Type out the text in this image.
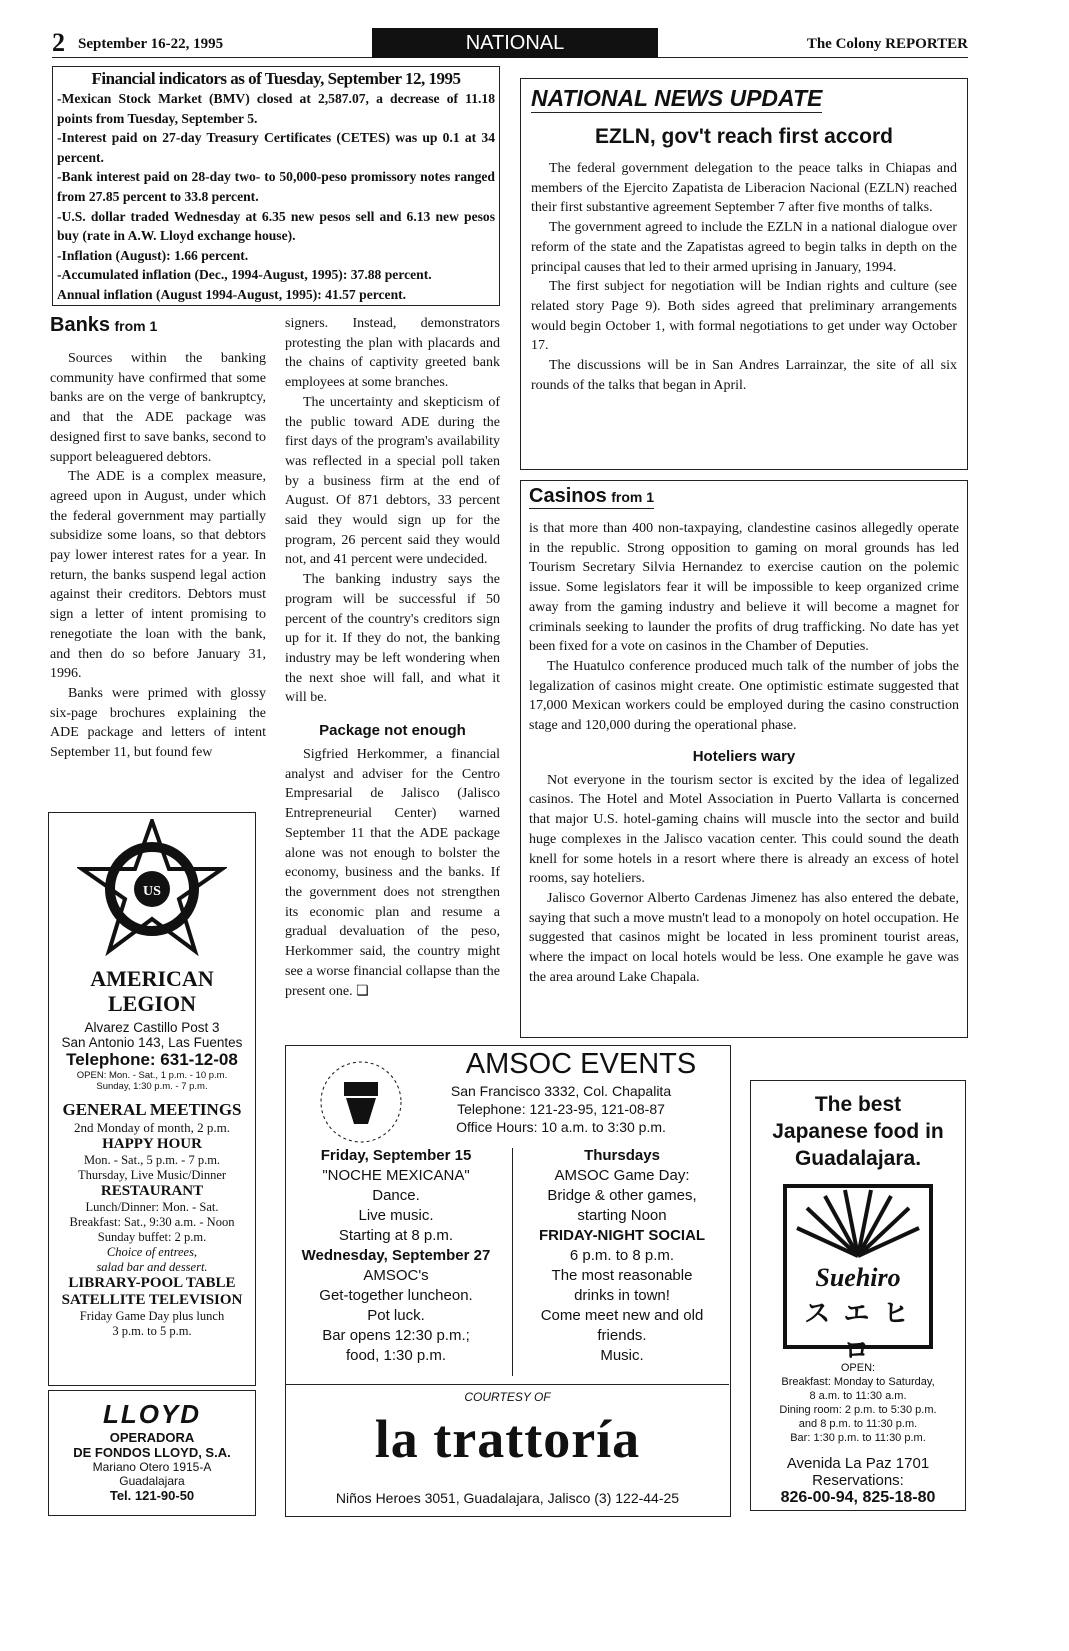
2 September 16-22, 1995	NATIONAL	The Colony REPORTER
Financial indicators as of Tuesday, September 12, 1995
-Mexican Stock Market (BMV) closed at 2,587.07, a decrease of 11.18 points from Tuesday, September 5.
-Interest paid on 27-day Treasury Certificates (CETES) was up 0.1 at 34 percent.
-Bank interest paid on 28-day two- to 50,000-peso promissory notes ranged from 27.85 percent to 33.8 percent.
-U.S. dollar traded Wednesday at 6.35 new pesos sell and 6.13 new pesos buy (rate in A.W. Lloyd exchange house).
-Inflation (August): 1.66 percent.
-Accumulated inflation (Dec., 1994-August, 1995): 37.88 percent.
Annual inflation (August 1994-August, 1995): 41.57 percent.
NATIONAL NEWS UPDATE
EZLN, gov't reach first accord

The federal government delegation to the peace talks in Chiapas and members of the Ejercito Zapatista de Liberacion Nacional (EZLN) reached their first substantive agreement September 7 after five months of talks.

The government agreed to include the EZLN in a national dialogue over reform of the state and the Zapatistas agreed to begin talks in depth on the principal causes that led to their armed uprising in January, 1994.

The first subject for negotiation will be Indian rights and culture (see related story Page 9). Both sides agreed that preliminary arrangements would begin October 1, with formal negotiations to get under way October 17.

The discussions will be in San Andres Larrainzar, the site of all six rounds of the talks that began in April.

Banks from 1

Sources within the banking community have confirmed that some banks are on the verge of bankruptcy, and that the ADE package was designed first to save banks, second to support beleaguered debtors.

The ADE is a complex measure, agreed upon in August, under which the federal government may partially subsidize some loans, so that debtors pay lower interest rates for a year. In return, the banks suspend legal action against their creditors. Debtors must sign a letter of intent promising to renegotiate the loan with the bank, and then do so before January 31, 1996.

Banks were primed with glossy six-page brochures explaining the ADE package and letters of intent September 11, but found few

signers. Instead, demonstrators protesting the plan with placards and the chains of captivity greeted bank employees at some branches.

The uncertainty and skepticism of the public toward ADE during the first days of the program's availability was reflected in a special poll taken by a business firm at the end of August. Of 871 debtors, 33 percent said they would sign up for the program, 26 percent said they would not, and 41 percent were undecided.

The banking industry says the program will be successful if 50 percent of the country's creditors sign up for it. If they do not, the banking industry may be left wondering when the next shoe will fall, and what it will be.

Package not enough

Sigfried Herkommer, a financial analyst and adviser for the Centro Empresarial de Jalisco (Jalisco Entrepreneurial Center) warned September 11 that the ADE package alone was not enough to bolster the economy, business and the banks. If the government does not strengthen its economic plan and resume a gradual devaluation of the peso, Herkommer said, the country might see a worse financial collapse than the present one. ❏

Casinos from 1

is that more than 400 non-taxpaying, clandestine casinos allegedly operate in the republic. Strong opposition to gaming on moral grounds has led Tourism Secretary Silvia Hernandez to exercise caution on the polemic issue. Some legislators fear it will be impossible to keep organized crime away from the gaming industry and believe it will become a magnet for criminals seeking to launder the profits of drug trafficking. No date has yet been fixed for a vote on casinos in the Chamber of Deputies.

The Huatulco conference produced much talk of the number of jobs the legalization of casinos might create. One optimistic estimate suggested that 17,000 Mexican workers could be employed during the casino construction stage and 120,000 during the operational phase.

Hoteliers wary

Not everyone in the tourism sector is excited by the idea of legalized casinos. The Hotel and Motel Association in Puerto Vallarta is concerned that major U.S. hotel-gaming chains will muscle into the sector and build huge complexes in the Jalisco vacation center. This could sound the death knell for some hotels in a resort where there is already an excess of hotel rooms, say hoteliers.

Jalisco Governor Alberto Cardenas Jimenez has also entered the debate, saying that such a move mustn't lead to a monopoly on hotel occupation. He suggested that casinos might be located in less prominent tourist areas, where the impact on local hotels would be less. One example he gave was the area around Lake Chapala.

US
AMERICAN
LEGION
Alvarez Castillo Post 3
San Antonio 143, Las Fuentes
Telephone: 631-12-08
OPEN: Mon. - Sat., 1 p.m. - 10 p.m.
Sunday, 1:30 p.m. - 7 p.m.
GENERAL MEETINGS
2nd Monday of month, 2 p.m.
HAPPY HOUR
Mon. - Sat., 5 p.m. - 7 p.m.
Thursday, Live Music/Dinner
RESTAURANT
Lunch/Dinner: Mon. - Sat.
Breakfast: Sat., 9:30 a.m. - Noon
Sunday buffet: 2 p.m.
Choice of entrees,
salad bar and dessert.
LIBRARY-POOL TABLE
SATELLITE TELEVISION
Friday Game Day plus lunch
3 p.m. to 5 p.m.
LLOYD
OPERADORA
DE FONDOS LLOYD, S.A.
Mariano Otero 1915-A
Guadalajara
Tel. 121-90-50
AMSOC EVENTS
San Francisco 3332, Col. Chapalita
Telephone: 121-23-95, 121-08-87
Office Hours: 10 a.m. to 3:30 p.m.
Friday, September 15
"NOCHE MEXICANA"
Dance.
Live music.
Starting at 8 p.m.
Wednesday, September 27
AMSOC's
Get-together luncheon.
Pot luck.
Bar opens 12:30 p.m.;
food, 1:30 p.m.
Thursdays
AMSOC Game Day:
Bridge & other games,
starting Noon
FRIDAY-NIGHT SOCIAL
6 p.m. to 8 p.m.
The most reasonable
drinks in town!
Come meet new and old
friends.
Music.
COURTESY OF
la trattoría
Niños Heroes 3051, Guadalajara, Jalisco (3) 122-44-25
The best Japanese food in Guadalajara.
Suehiro
ス エ ヒ ロ
OPEN:
Breakfast: Monday to Saturday,
8 a.m. to 11:30 a.m.
Dining room: 2 p.m. to 5:30 p.m.
and 8 p.m. to 11:30 p.m.
Bar: 1:30 p.m. to 11:30 p.m.
Avenida La Paz 1701
Reservations:
826-00-94, 825-18-80
